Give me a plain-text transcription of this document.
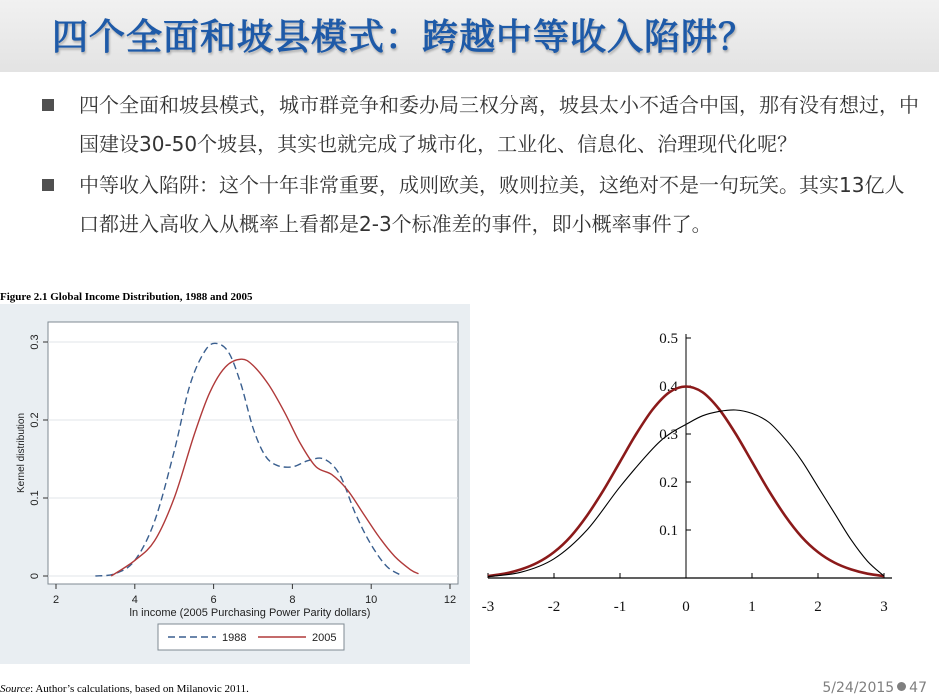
四个全面和坡县模式：跨越中等收入陷阱？
四个全面和坡县模式，城市群竞争和委办局三权分离，坡县太小不适合中国，那有没有想过，中国建设30-50个坡县，其实也就完成了城市化，工业化、信息化、治理现代化呢？
中等收入陷阱：这个十年非常重要，成则欧美，败则拉美，这绝对不是一句玩笑。其实13亿人口都进入高收入从概率上看都是2-3个标准差的事件，即小概率事件了。
Figure 2.1 Global Income Distribution, 1988 and 2005
0
0.1
0.2
0.3
2	4	6	8	10	12
Kernel distribution
ln income (2005 Purchasing Power Parity dollars)
1988	2005
-3	-2	-1	0	1	2	3
0.1
0.2
0.3
0.4
0.5
Source: Author’s calculations, based on Milanovic 2011.	5/24/2015 47
